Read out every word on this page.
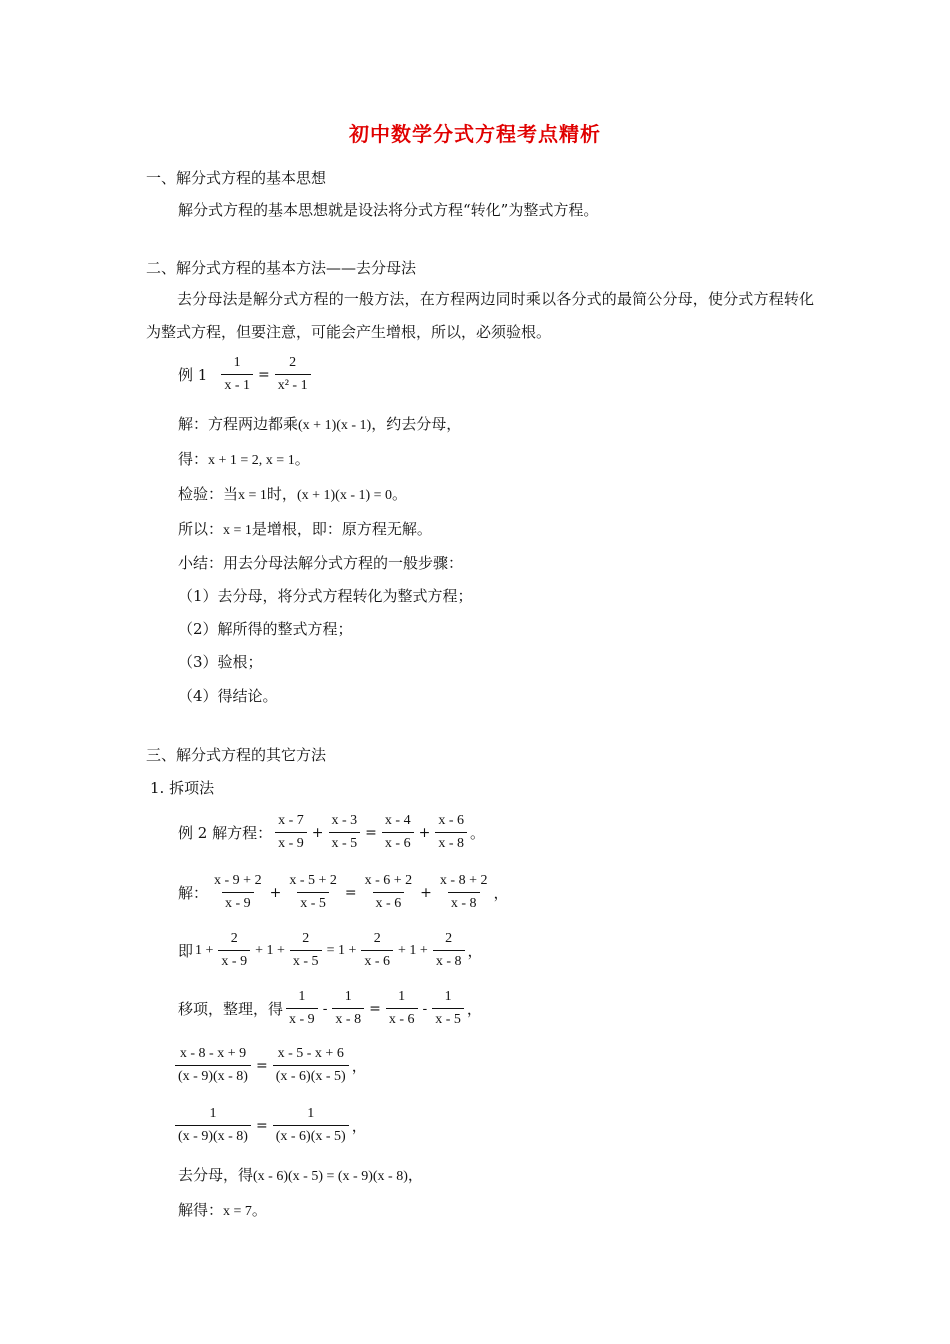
初中数学分式方程考点精析
一、解分式方程的基本思想
解分式方程的基本思想就是设法将分式方程“转化”为整式方程。
二、解分式方程的基本方法——去分母法
去分母法是解分式方程的一般方法，在方程两边同时乘以各分式的最简公分母，使分式方程转化为整式方程，但要注意，可能会产生增根，所以，必须验根。
例 $1 \frac{1}{x - 1} = \frac{2}{\text{x² - 1}}$
解：方程两边都乘(x + 1)(x - 1)，约去分母，
得：x + 1 = 2, x = 1。
检验：当x = 1时，(x + 1)(x - 1) = 0。
所以：x = 1是增根，即：原方程无解。
小结：用去分母法解分式方程的一般步骤：
（1）去分母，将分式方程转化为整式方程；
（2）解所得的整式方程；
（3）验根；
（4）得结论。
三、解分式方程的其它方法
1. 拆项法
例 2 解方程： $\frac{x - 7}{x - 9} + \frac{x - 3}{x - 5} = \frac{x - 4}{x - 6} + \frac{x - 6}{x - 8}$ 。
解： $\frac{x - 9 + 2}{x - 9} + \frac{x - 5 + 2}{x - 5} = \frac{x - 6 + 2}{x - 6} + \frac{x - 8 + 2}{x - 8}$ ，
即 $1 + \frac{2}{x - 9} + 1 + \frac{2}{x - 5} = 1 + \frac{2}{x - 6} + 1 + \frac{2}{x - 8}$ ，
移项，整理，得 $\frac{1}{x - 9} - \frac{1}{x - 8} = \frac{1}{x - 6} - \frac{1}{x - 5}$ ，
$\frac{x - 8 - x + 9}{(x - 9)(x - 8)} = \frac{x - 5 - x + 6}{(x - 6)(x - 5)}$ ，
$\frac{1}{(x - 9)(x - 8)} = \frac{1}{(x - 6)(x - 5)}$ ，
去分母，得(x - 6)(x - 5) = (x - 9)(x - 8)，
解得：x = 7。
